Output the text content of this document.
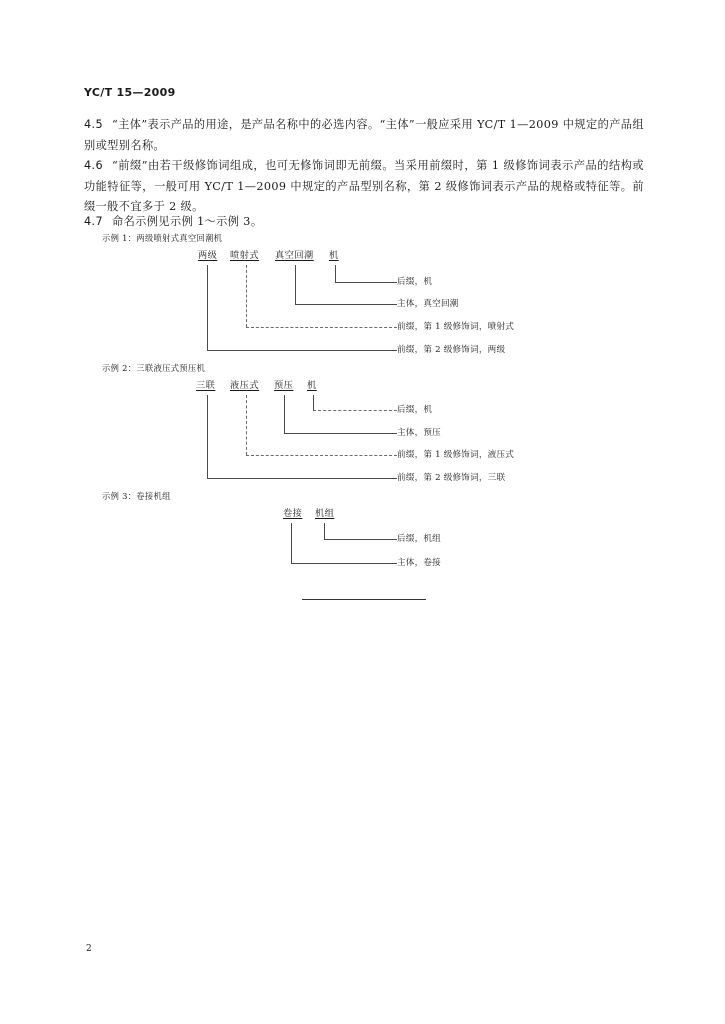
YC/T 15—2009

4.5 “主体”表示产品的用途，是产品名称中的必选内容。“主体”一般应采用 YC/T 1—2009 中规定的产品组别或型别名称。

4.6 “前缀”由若干级修饰词组成，也可无修饰词即无前缀。当采用前缀时，第 1 级修饰词表示产品的结构或功能特征等，一般可用 YC/T 1—2009 中规定的产品型别名称，第 2 级修饰词表示产品的规格或特征等。前缀一般不宜多于 2 级。

4.7 命名示例见示例 1～示例 3。

示例 1：两级喷射式真空回潮机
两级 喷射式 真空回潮 机
后缀，机
主体，真空回潮
前缀，第 1 级修饰词，喷射式
前缀，第 2 级修饰词，两级
示例 2：三联液压式预压机
三联 液压式 预压 机
后缀，机
主体，预压
前缀，第 1 级修饰词，液压式
前缀，第 2 级修饰词，三联
示例 3：卷接机组
卷接 机组
后缀，机组
主体，卷接
2
